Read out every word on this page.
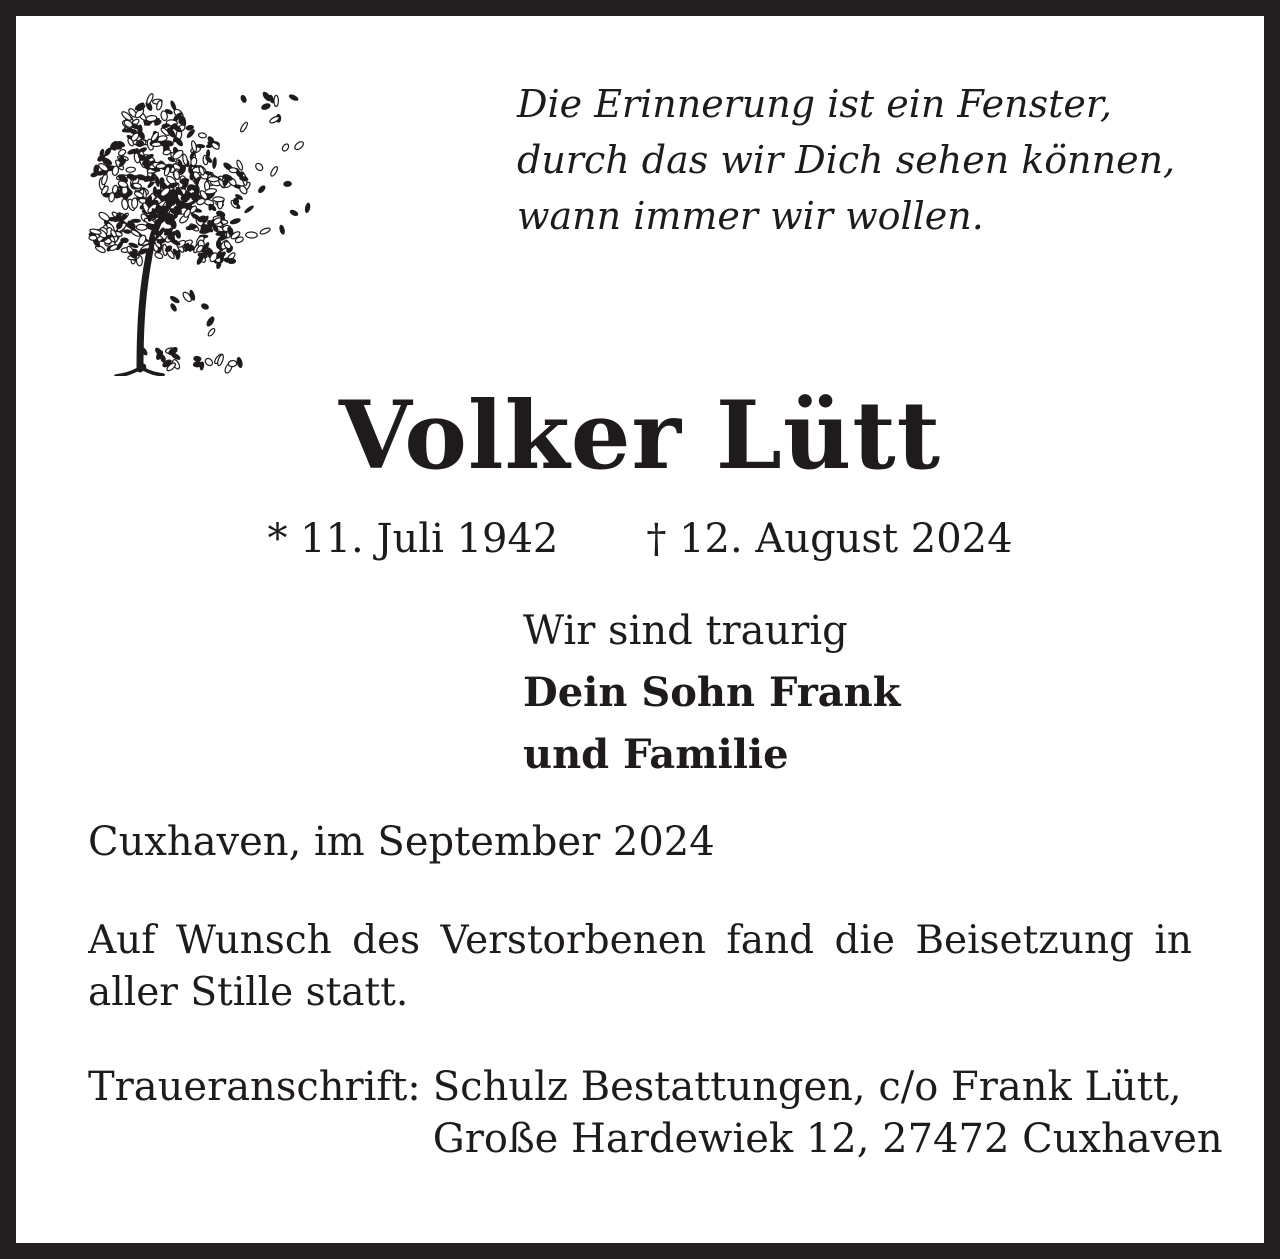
Die Erinnerung ist ein Fenster,
durch das wir Dich sehen können,
wann immer wir wollen.
Volker Lütt
* 11. Juli 1942 † 12. August 2024
Wir sind traurig
Dein Sohn Frank
und Familie
Cuxhaven, im September 2024
Auf Wunsch des Verstorbenen fand die Beisetzung in
aller Stille statt.
Traueranschrift: Schulz Bestattungen, c/o Frank Lütt,
Große Hardewiek 12, 27472 Cuxhaven
